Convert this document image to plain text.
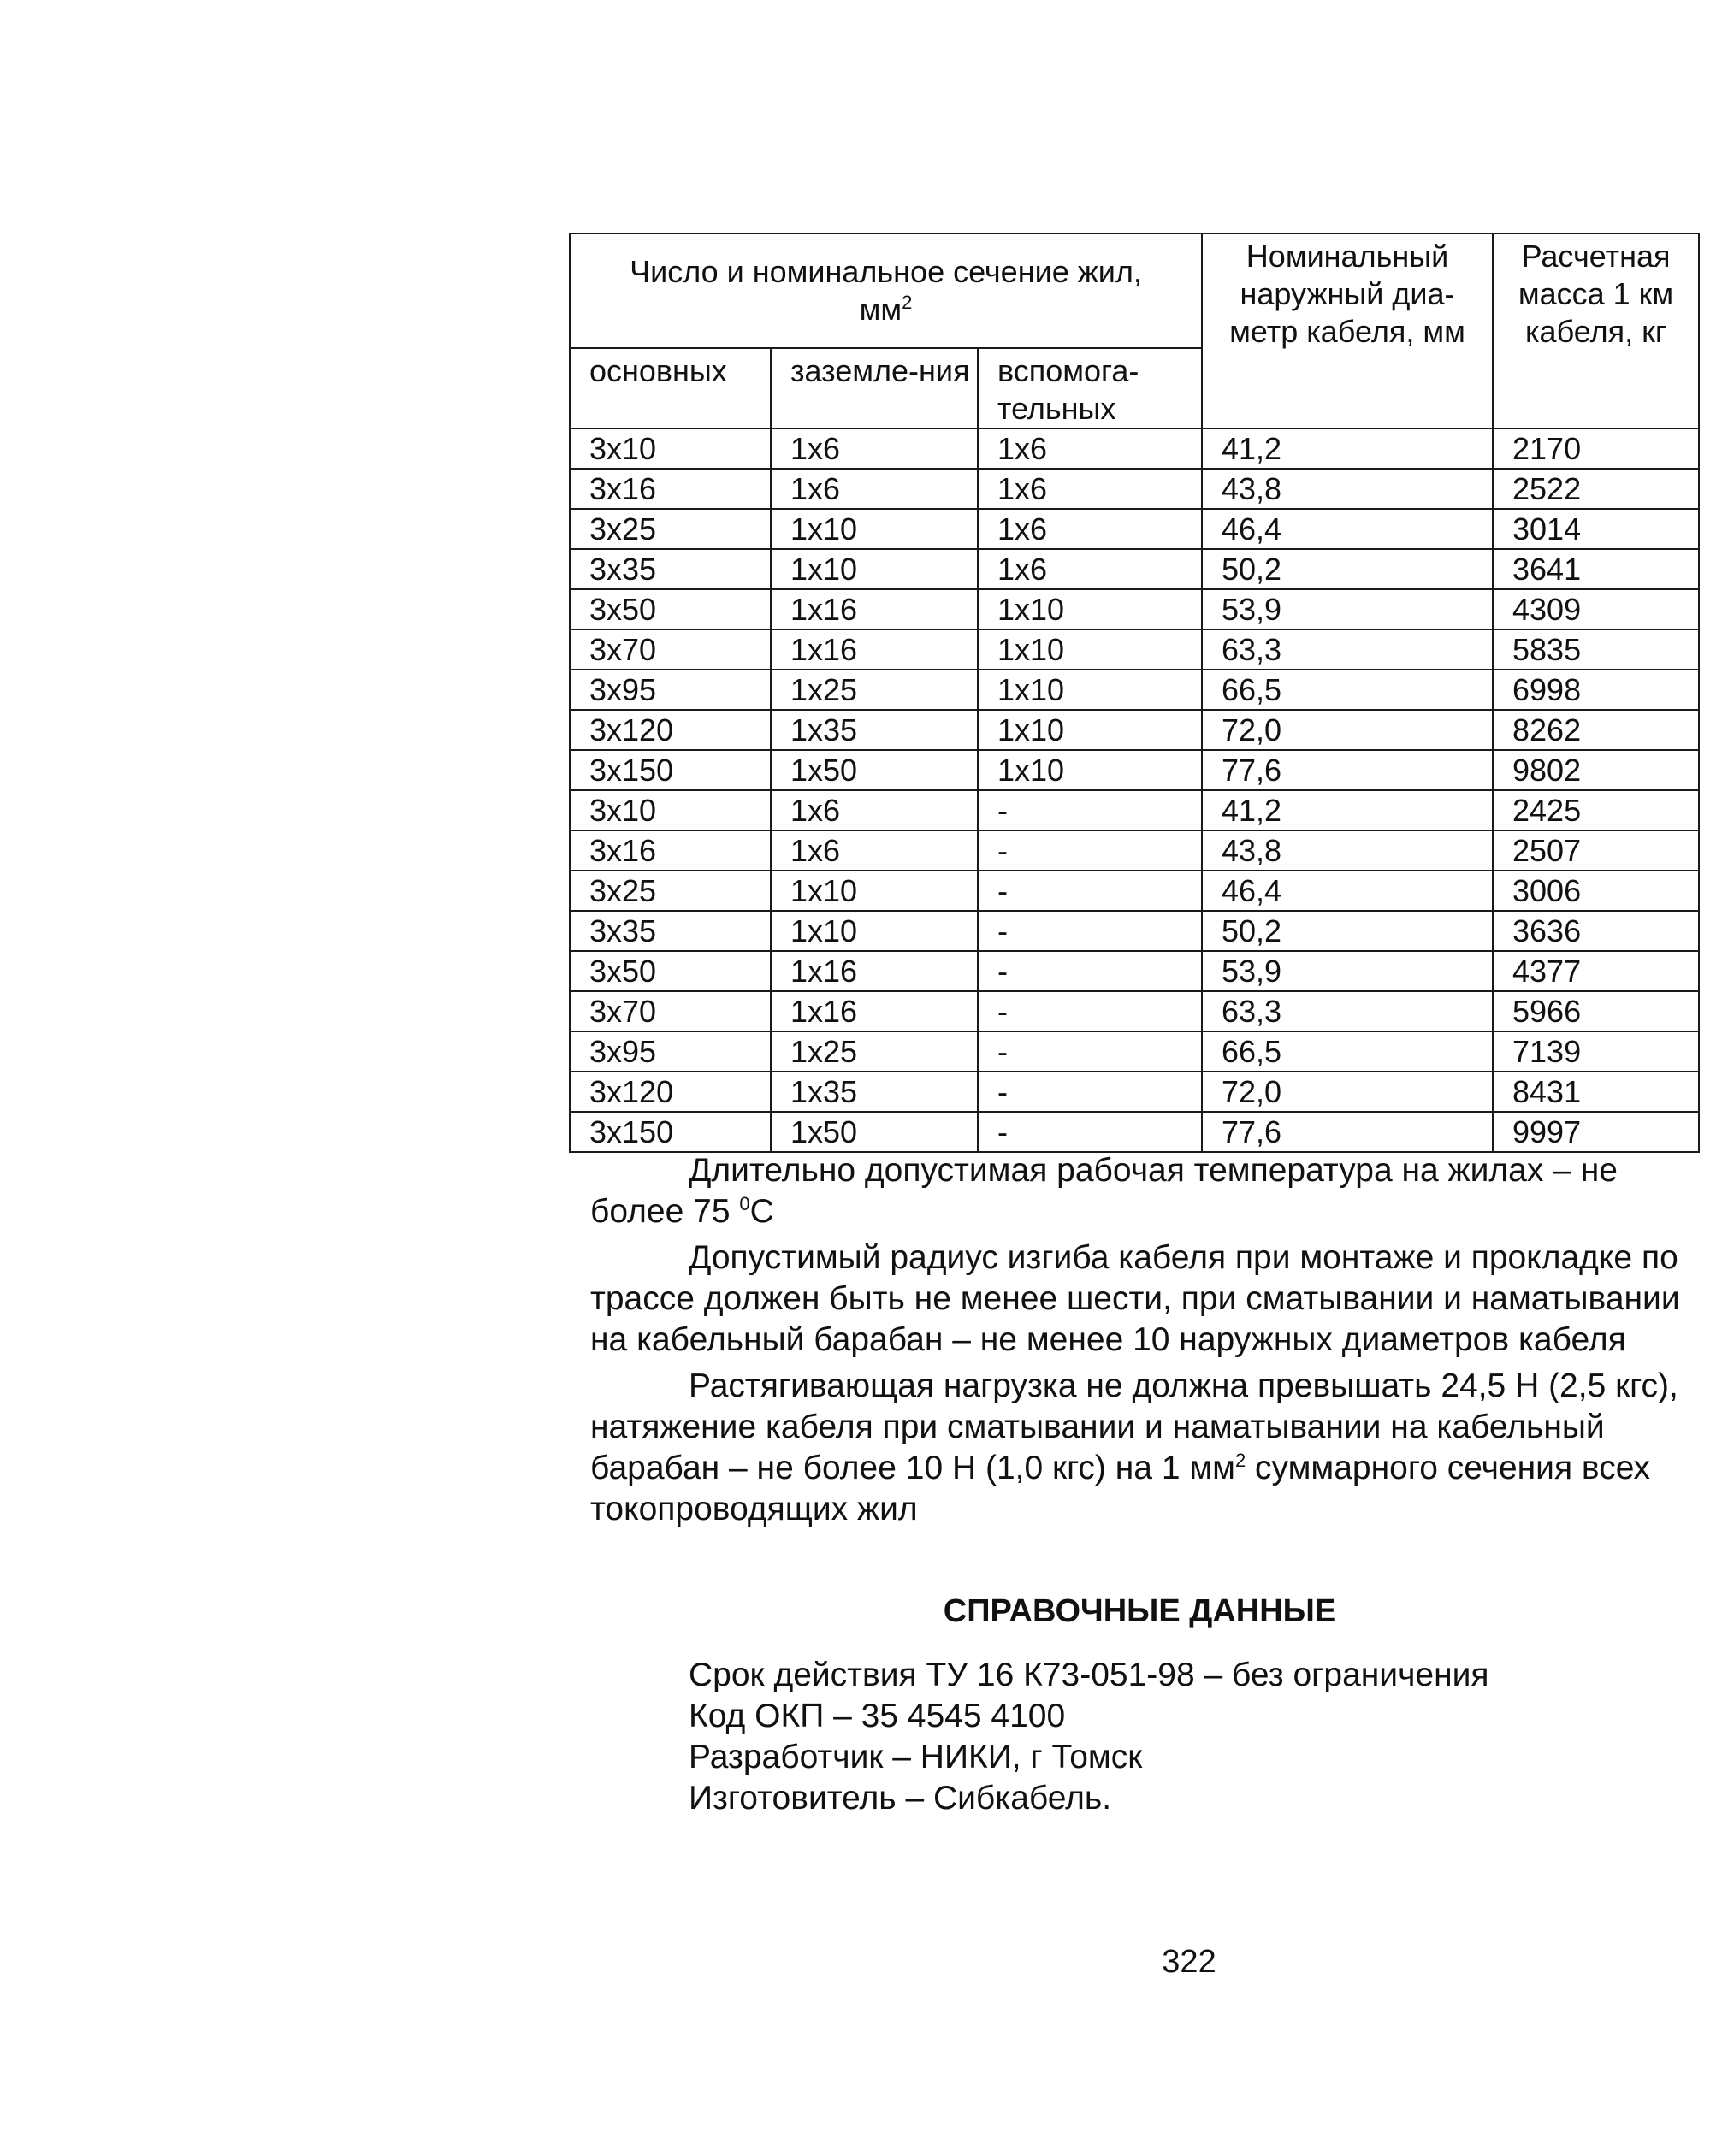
Число и номинальное сечение жил,
$мм^2$			Номинальный наружный диа-метр кабеля, мм	Расчетная масса 1 км кабеля, кг
основных	заземле-ния	вспомога-тельных		
3х10	1х6	1х6	41,2	2170
3х16	1х6	1х6	43,8	2522
3х25	1х10	1х6	46,4	3014
3х35	1х10	1х6	50,2	3641
3х50	1х16	1х10	53,9	4309
3х70	1х16	1х10	63,3	5835
3х95	1х25	1х10	66,5	6998
3х120	1х35	1х10	72,0	8262
3х150	1х50	1х10	77,6	9802
3х10	1х6	-	41,2	2425
3х16	1х6	-	43,8	2507
3х25	1х10	-	46,4	3006
3х35	1х10	-	50,2	3636
3х50	1х16	-	53,9	4377
3х70	1х16	-	63,3	5966
3х95	1х25	-	66,5	7139
3х120	1х35	-	72,0	8431
3х150	1х50	-	77,6	9997

Длительно допустимая рабочая температура на жилах – не более 75 $^0$С

Допустимый радиус изгиба кабеля при монтаже и прокладке по трассе должен быть не менее шести, при сматывании и наматывании на кабельный барабан – не менее 10 наружных диаметров кабеля

Растягивающая нагрузка не должна превышать 24,5 Н (2,5 кгс), натяжение кабеля при сматывании и наматывании на кабельный барабан – не более 10 Н (1,0 кгс) на 1 $мм^2$ суммарного сечения всех токопроводящих жил

СПРАВОЧНЫЕ ДАННЫЕ
Срок действия ТУ 16 К73-051-98 – без ограничения
Код ОКП – 35 4545 4100
Разработчик – НИКИ, г Томск
Изготовитель – Сибкабель.
322
